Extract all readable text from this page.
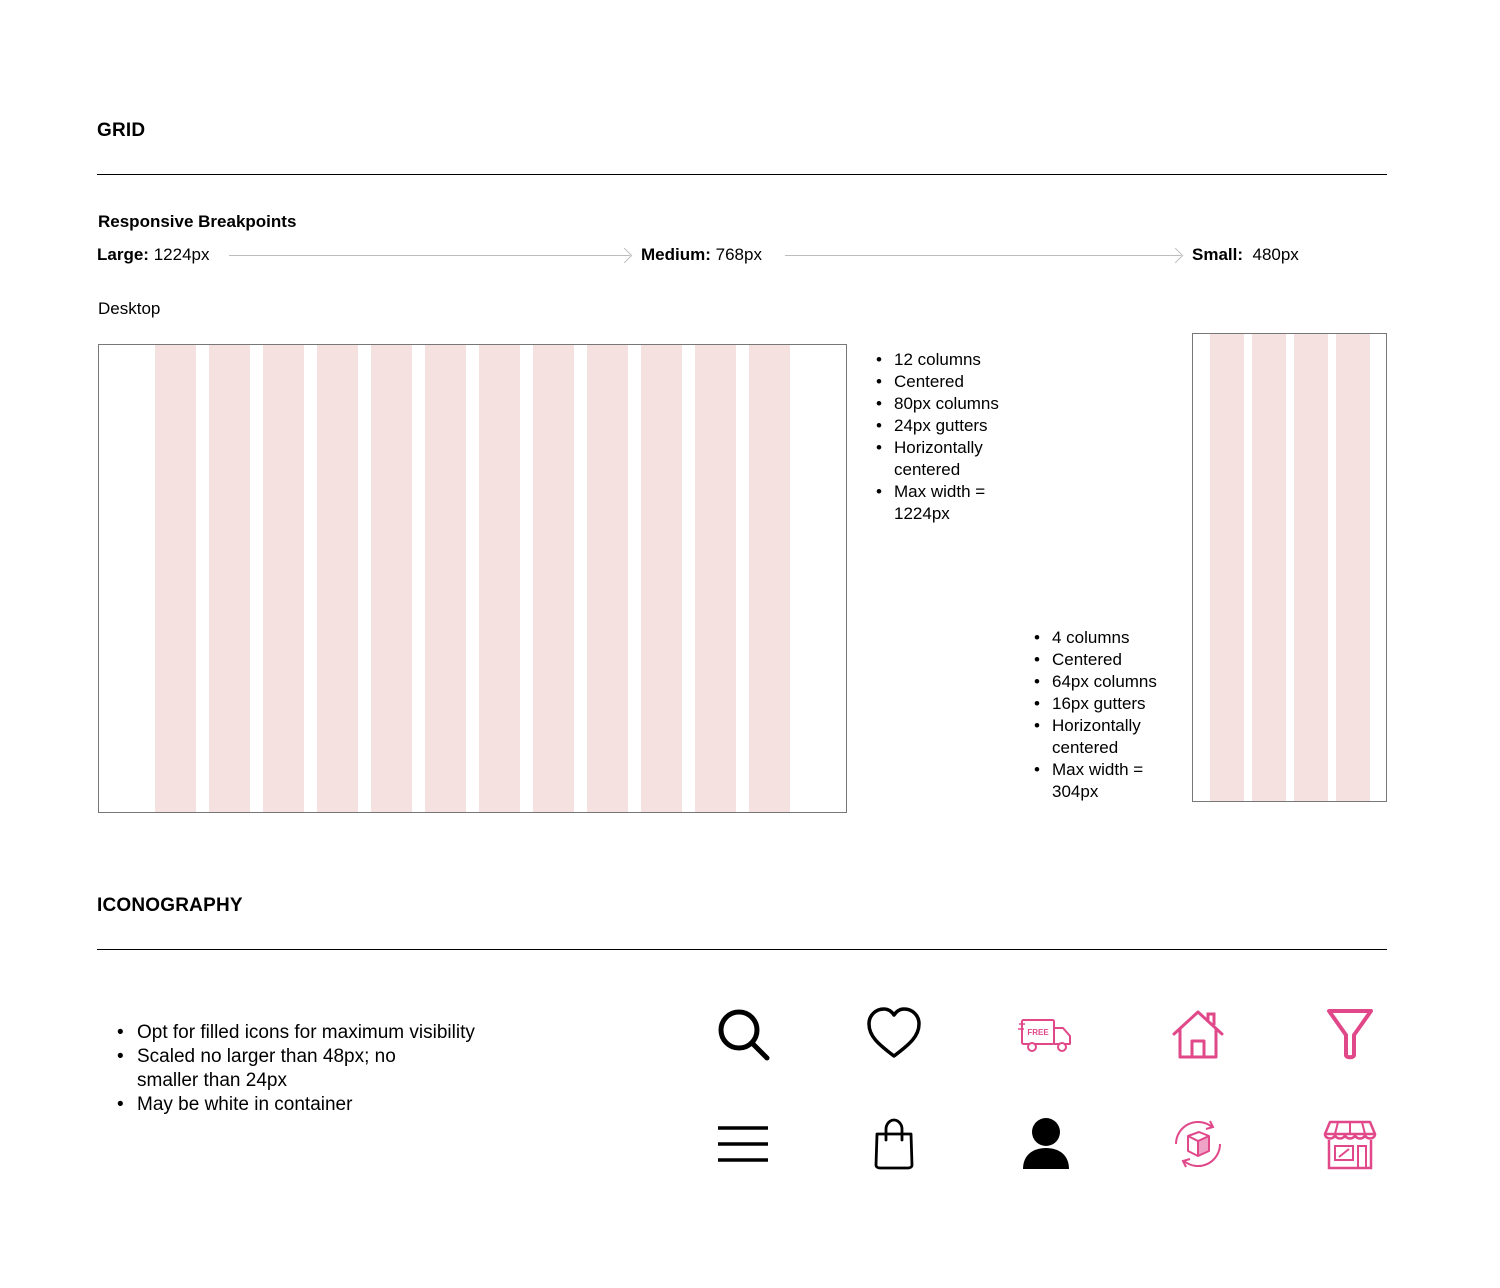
GRID
Responsive Breakpoints
Large: 1224px	Medium: 768px	Small: 480px
Desktop
• 12 columns
• Centered
• 80px columns
• 24px gutters
• Horizontally centered
• Max width = 1224px
• 4 columns
• Centered
• 64px columns
• 16px gutters
• Horizontally centered
• Max width = 304px
ICONOGRAPHY
• Opt for filled icons for maximum visibility
• Scaled no larger than 48px; no smaller than 24px
• May be white in container
FREE
